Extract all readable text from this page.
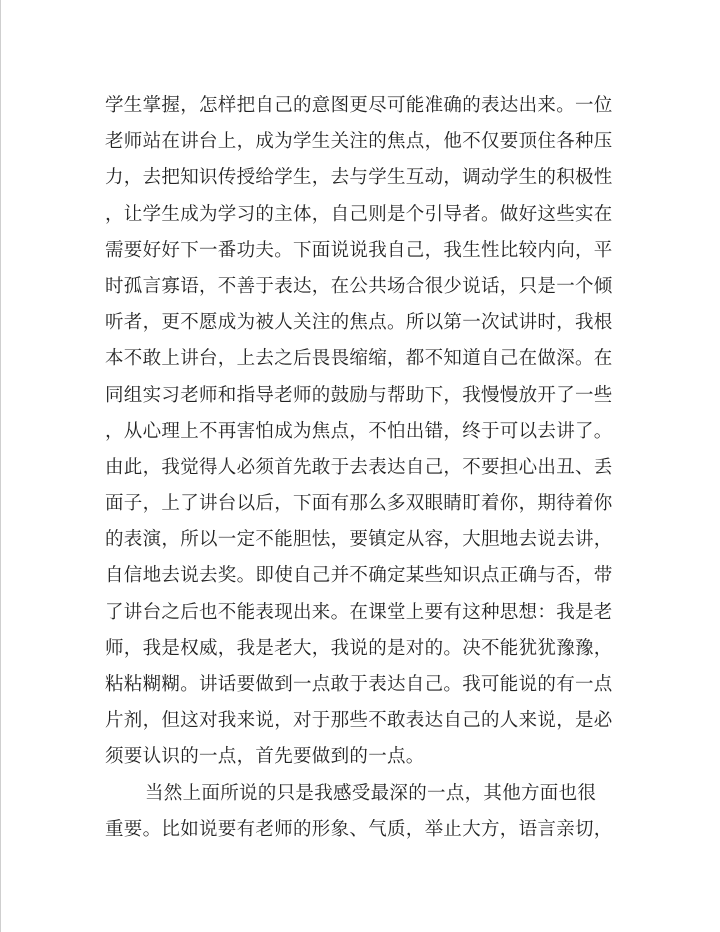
学生掌握，怎样把自己的意图更尽可能准确的表达出来。一位
老师站在讲台上，成为学生关注的焦点，他不仅要顶住各种压
力，去把知识传授给学生，去与学生互动，调动学生的积极性
，让学生成为学习的主体，自己则是个引导者。做好这些实在
需要好好下一番功夫。下面说说我自己，我生性比较内向，平
时孤言寡语，不善于表达，在公共场合很少说话，只是一个倾
听者，更不愿成为被人关注的焦点。所以第一次试讲时，我根
本不敢上讲台，上去之后畏畏缩缩，都不知道自己在做深。在
同组实习老师和指导老师的鼓励与帮助下，我慢慢放开了一些
，从心理上不再害怕成为焦点，不怕出错，终于可以去讲了。
由此，我觉得人必须首先敢于去表达自己，不要担心出丑、丢
面子，上了讲台以后，下面有那么多双眼睛盯着你，期待着你
的表演，所以一定不能胆怯，要镇定从容，大胆地去说去讲，
自信地去说去奖。即使自己并不确定某些知识点正确与否，带
了讲台之后也不能表现出来。在课堂上要有这种思想：我是老
师，我是权威，我是老大，我说的是对的。决不能犹犹豫豫，
粘粘糊糊。讲话要做到一点敢于表达自己。我可能说的有一点
片剂，但这对我来说，对于那些不敢表达自己的人来说，是必
须要认识的一点，首先要做到的一点。
当然上面所说的只是我感受最深的一点，其他方面也很
重要。比如说要有老师的形象、气质，举止大方，语言亲切，
